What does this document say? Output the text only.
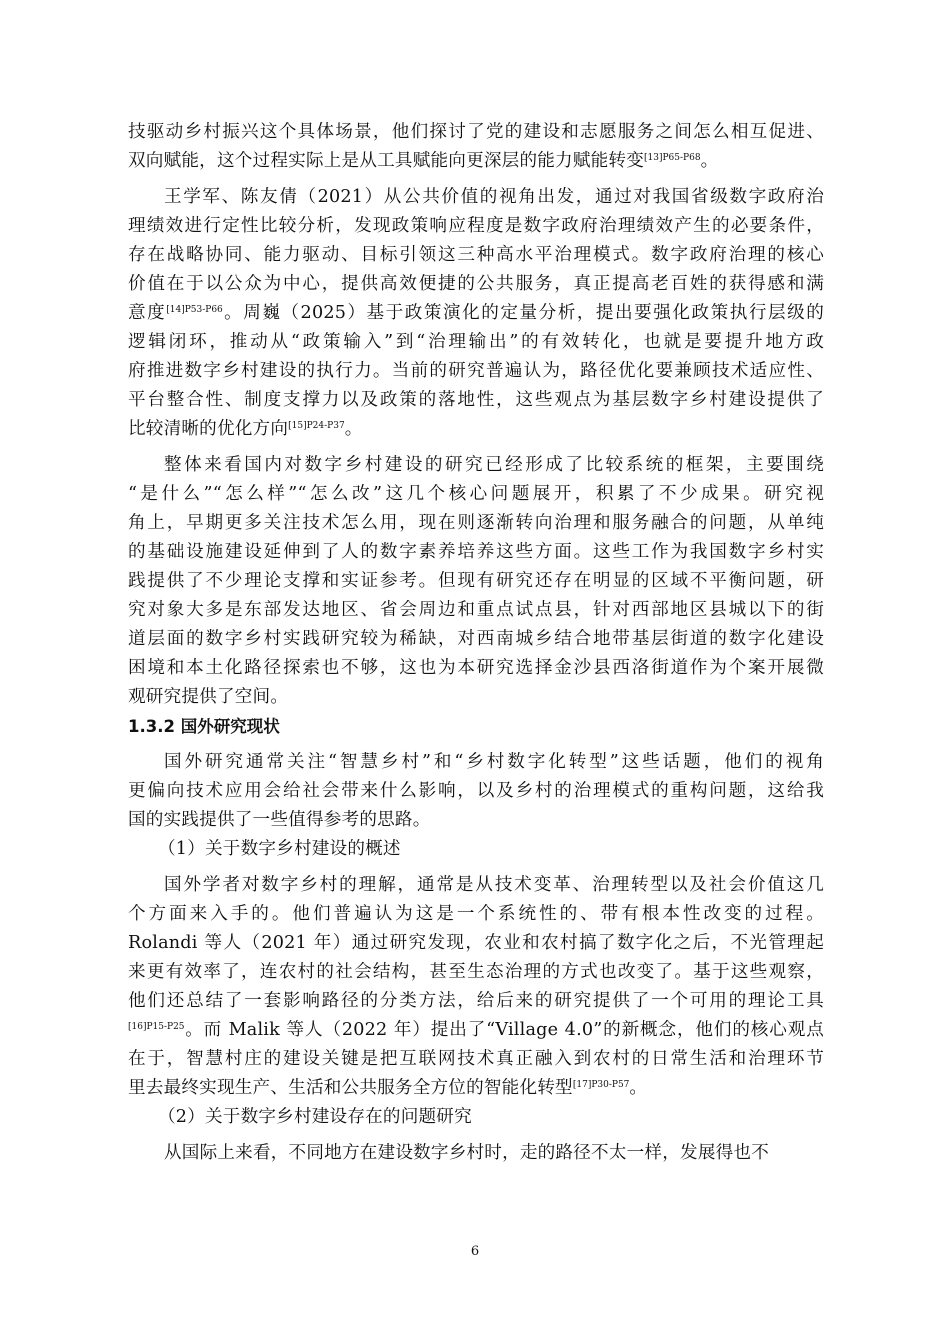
技驱动乡村振兴这个具体场景，他们探讨了党的建设和志愿服务之间怎么相互促进、
双向赋能，这个过程实际上是从工具赋能向更深层的能力赋能转变$^{[13]P65-P68}$。
王学军、陈友倩（2021）从公共价值的视角出发，通过对我国省级数字政府治
理绩效进行定性比较分析，发现政策响应程度是数字政府治理绩效产生的必要条件，
存在战略协同、能力驱动、目标引领这三种高水平治理模式。数字政府治理的核心
价值在于以公众为中心，提供高效便捷的公共服务，真正提高老百姓的获得感和满
意度$^{[14]P53-P66}$。周巍（2025）基于政策演化的定量分析，提出要强化政策执行层级的
逻辑闭环，推动从“政策输入”到“治理输出”的有效转化，也就是要提升地方政
府推进数字乡村建设的执行力。当前的研究普遍认为，路径优化要兼顾技术适应性、
平台整合性、制度支撑力以及政策的落地性，这些观点为基层数字乡村建设提供了
比较清晰的优化方向$^{[15]P24-P37}$。
整体来看国内对数字乡村建设的研究已经形成了比较系统的框架，主要围绕
“是什么”“怎么样”“怎么改”这几个核心问题展开，积累了不少成果。研究视
角上，早期更多关注技术怎么用，现在则逐渐转向治理和服务融合的问题，从单纯
的基础设施建设延伸到了人的数字素养培养这些方面。这些工作为我国数字乡村实
践提供了不少理论支撑和实证参考。但现有研究还存在明显的区域不平衡问题，研
究对象大多是东部发达地区、省会周边和重点试点县，针对西部地区县城以下的街
道层面的数字乡村实践研究较为稀缺，对西南城乡结合地带基层街道的数字化建设
困境和本土化路径探索也不够，这也为本研究选择金沙县西洛街道作为个案开展微
观研究提供了空间。
1.3.2 国外研究现状
国外研究通常关注“智慧乡村”和“乡村数字化转型”这些话题，他们的视角
更偏向技术应用会给社会带来什么影响，以及乡村的治理模式的重构问题，这给我
国的实践提供了一些值得参考的思路。
（1）关于数字乡村建设的概述
国外学者对数字乡村的理解，通常是从技术变革、治理转型以及社会价值这几
个方面来入手的。他们普遍认为这是一个系统性的、带有根本性改变的过程。
Rolandi 等人（2021 年）通过研究发现，农业和农村搞了数字化之后，不光管理起
来更有效率了，连农村的社会结构，甚至生态治理的方式也改变了。基于这些观察，
他们还总结了一套影响路径的分类方法，给后来的研究提供了一个可用的理论工具
$^{[16]P15-P25}$。而 Malik 等人（2022 年）提出了“Village 4.0”的新概念，他们的核心观点
在于，智慧村庄的建设关键是把互联网技术真正融入到农村的日常生活和治理环节
里去最终实现生产、生活和公共服务全方位的智能化转型$^{[17]P30-P57}$。
（2）关于数字乡村建设存在的问题研究
从国际上来看，不同地方在建设数字乡村时，走的路径不太一样，发展得也不
6
